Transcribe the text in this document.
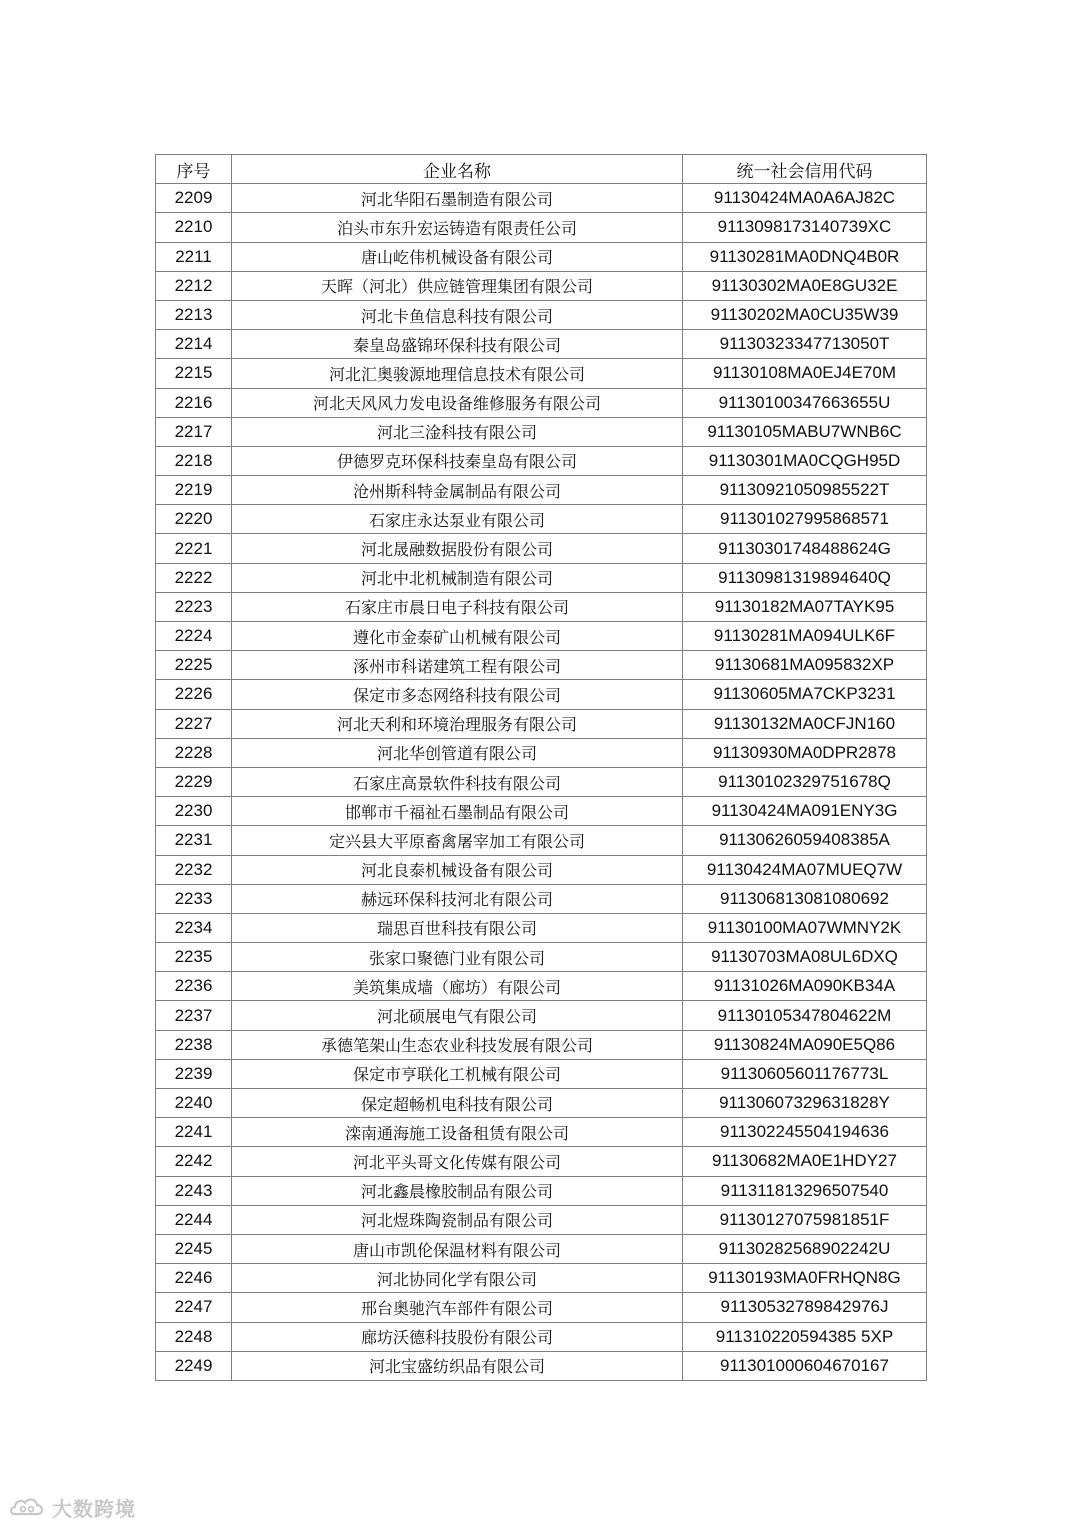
序号	企业名称	统一社会信用代码
2209	河北华阳石墨制造有限公司	91130424MA0A6AJ82C
2210	泊头市东升宏运铸造有限责任公司	9113098173140739XC
2211	唐山屹伟机械设备有限公司	91130281MA0DNQ4B0R
2212	天晖（河北）供应链管理集团有限公司	91130302MA0E8GU32E
2213	河北卡鱼信息科技有限公司	91130202MA0CU35W39
2214	秦皇岛盛锦环保科技有限公司	91130323347713050T
2215	河北汇奥骏源地理信息技术有限公司	91130108MA0EJ4E70M
2216	河北天风风力发电设备维修服务有限公司	91130100347663655U
2217	河北三淦科技有限公司	91130105MABU7WNB6C
2218	伊德罗克环保科技秦皇岛有限公司	91130301MA0CQGH95D
2219	沧州斯科特金属制品有限公司	91130921050985522T
2220	石家庄永达泵业有限公司	911301027995868571
2221	河北晟融数据股份有限公司	91130301748488624G
2222	河北中北机械制造有限公司	91130981319894640Q
2223	石家庄市晨日电子科技有限公司	91130182MA07TAYK95
2224	遵化市金泰矿山机械有限公司	91130281MA094ULK6F
2225	涿州市科诺建筑工程有限公司	91130681MA095832XP
2226	保定市多态网络科技有限公司	91130605MA7CKP3231
2227	河北天利和环境治理服务有限公司	91130132MA0CFJN160
2228	河北华创管道有限公司	91130930MA0DPR2878
2229	石家庄高景软件科技有限公司	91130102329751678Q
2230	邯郸市千福祉石墨制品有限公司	91130424MA091ENY3G
2231	定兴县大平原畜禽屠宰加工有限公司	91130626059408385A
2232	河北良泰机械设备有限公司	91130424MA07MUEQ7W
2233	赫远环保科技河北有限公司	911306813081080692
2234	瑞思百世科技有限公司	91130100MA07WMNY2K
2235	张家口聚德门业有限公司	91130703MA08UL6DXQ
2236	美筑集成墙（廊坊）有限公司	91131026MA090KB34A
2237	河北硕展电气有限公司	91130105347804622M
2238	承德笔架山生态农业科技发展有限公司	91130824MA090E5Q86
2239	保定市亨联化工机械有限公司	91130605601176773L
2240	保定超畅机电科技有限公司	91130607329631828Y
2241	滦南通海施工设备租赁有限公司	911302245504194636
2242	河北平头哥文化传媒有限公司	91130682MA0E1HDY27
2243	河北鑫晨橡胶制品有限公司	911311813296507540
2244	河北煜珠陶瓷制品有限公司	91130127075981851F
2245	唐山市凯伦保温材料有限公司	91130282568902242U
2246	河北协同化学有限公司	91130193MA0FRHQN8G
2247	邢台奥驰汽车部件有限公司	91130532789842976J
2248	廊坊沃德科技股份有限公司	911310220594385 5XP
2249	河北宝盛纺织品有限公司	911301000604670167
大数跨境
